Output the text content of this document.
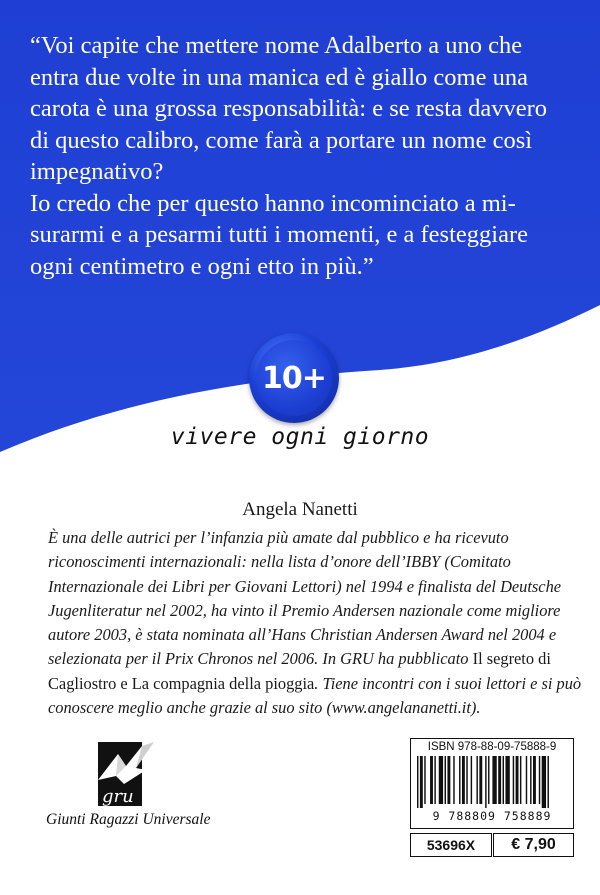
“Voi capite che mettere nome Adalberto a uno che
entra due volte in una manica ed è giallo come una
carota è una grossa responsabilità: e se resta davvero
di questo calibro, come farà a portare un nome così
impegnativo?
Io credo che per questo hanno incominciato a mi-
surarmi e a pesarmi tutti i momenti, e a festeggiare
ogni centimetro e ogni etto in più.”
10+
vivere ogni giorno
Angela Nanetti
È una delle autrici per l’infanzia più amate dal pubblico e ha ricevuto riconoscimenti internazionali: nella lista d’onore dell’IBBY (Comitato Internazionale dei Libri per Giovani Lettori) nel 1994 e finalista del Deutsche Jugenliteratur nel 2002, ha vinto il Premio Andersen nazionale come migliore autore 2003, è stata nominata all’Hans Christian Andersen Award nel 2004 e selezionata per il Prix Chronos nel 2006. In GRU ha pubblicato Il segreto di Cagliostro e La compagnia della pioggia. Tiene incontri con i suoi lettori e si può conoscere meglio anche grazie al suo sito (www.angelananetti.it).
gru
Giunti Ragazzi Universale
ISBN 978-88-09-75888-9
9 788809 758889
53696X	€ 7,90
